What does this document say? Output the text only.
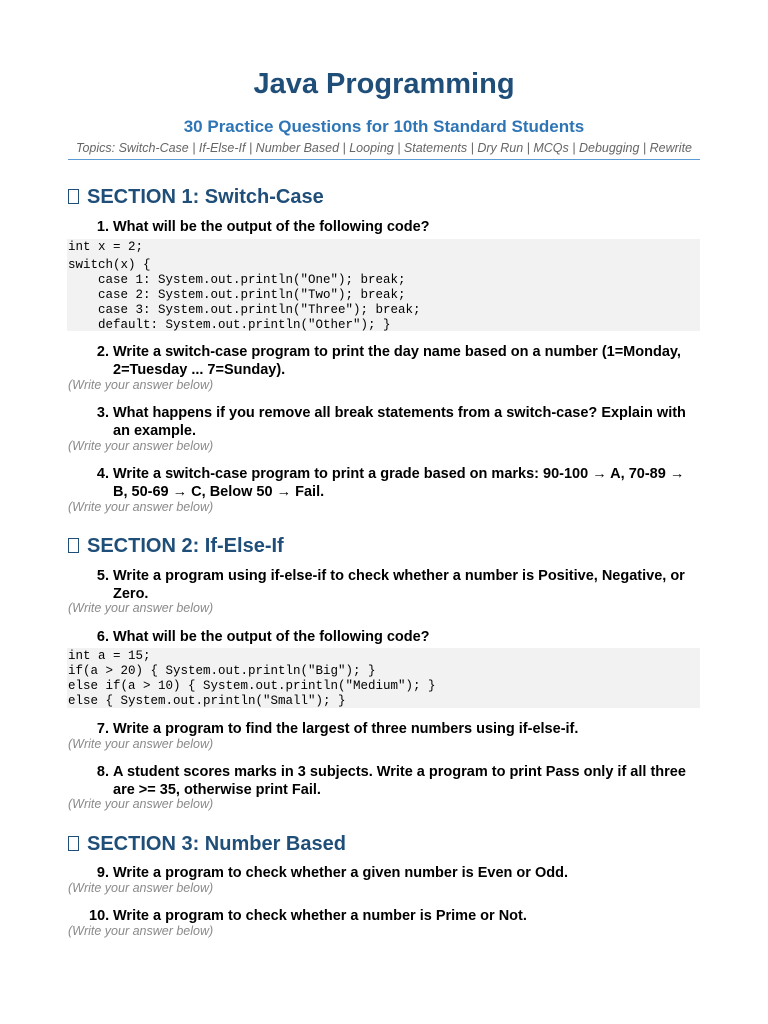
Java Programming
30 Practice Questions for 10th Standard Students
Topics: Switch-Case | If-Else-If | Number Based | Looping | Statements | Dry Run | MCQs | Debugging | Rewrite
SECTION 1: Switch-Case
1. What will be the output of the following code?
int x = 2;
switch(x) {
case 1: System.out.println("One"); break;
case 2: System.out.println("Two"); break;
case 3: System.out.println("Three"); break;
default: System.out.println("Other"); }
2. Write a switch-case program to print the day name based on a number (1=Monday, 2=Tuesday ... 7=Sunday).
(Write your answer below)
3. What happens if you remove all break statements from a switch-case? Explain with an example.
(Write your answer below)
4. Write a switch-case program to print a grade based on marks: 90-100 → A, 70-89 → B, 50-69 → C, Below 50 → Fail.
(Write your answer below)
SECTION 2: If-Else-If
5. Write a program using if-else-if to check whether a number is Positive, Negative, or Zero.
(Write your answer below)
6. What will be the output of the following code?
int a = 15;
if(a > 20) { System.out.println("Big"); }
else if(a > 10) { System.out.println("Medium"); }
else { System.out.println("Small"); }
7. Write a program to find the largest of three numbers using if-else-if.
(Write your answer below)
8. A student scores marks in 3 subjects. Write a program to print Pass only if all three are >= 35, otherwise print Fail.
(Write your answer below)
SECTION 3: Number Based
9. Write a program to check whether a given number is Even or Odd.
(Write your answer below)
10. Write a program to check whether a number is Prime or Not.
(Write your answer below)
